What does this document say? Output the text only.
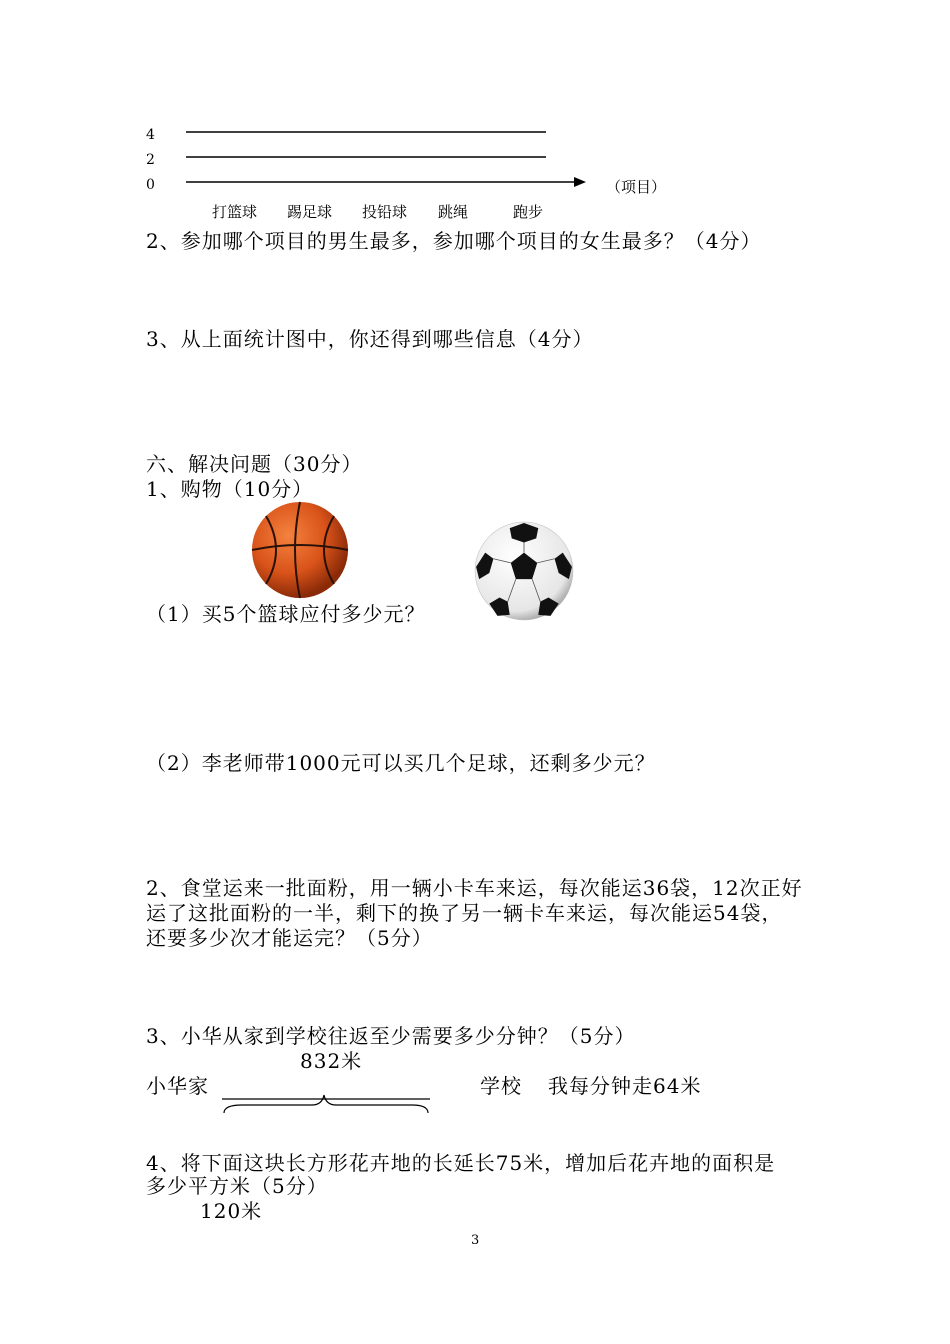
4
2
0	（项目）
打篮球 踢足球 投铅球 跳绳	跑步
2、参加哪个项目的男生最多，参加哪个项目的女生最多？（4分）
3、从上面统计图中，你还得到哪些信息（4分）
六、解决问题（30分）
1、购物（10分）
（1）买5个篮球应付多少元？
（2）李老师带1000元可以买几个足球，还剩多少元？
2、食堂运来一批面粉，用一辆小卡车来运，每次能运36袋，12次正好
运了这批面粉的一半，剩下的换了另一辆卡车来运，每次能运54袋，
还要多少次才能运完？（5分）
3、小华从家到学校往返至少需要多少分钟？（5分）
832米
小华家	学校 我每分钟走64米
4、将下面这块长方形花卉地的长延长75米，增加后花卉地的面积是
多少平方米（5分）
120米
3
